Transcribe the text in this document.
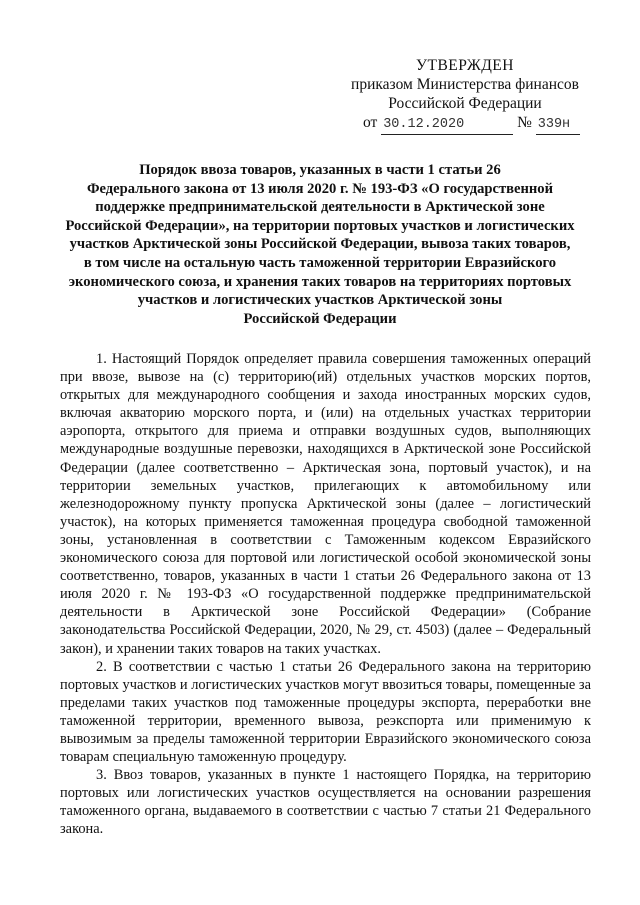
УТВЕРЖДЕН
приказом Министерства финансов
Российской Федерации
от 30.12.2020	№ 339н
Порядок ввоза товаров, указанных в части 1 статьи 26
Федерального закона от 13 июля 2020 г. № 193-ФЗ «О государственной
поддержке предпринимательской деятельности в Арктической зоне
Российской Федерации», на территории портовых участков и логистических
участков Арктической зоны Российской Федерации, вывоза таких товаров,
в том числе на остальную часть таможенной территории Евразийского
экономического союза, и хранения таких товаров на территориях портовых
участков и логистических участков Арктической зоны
Российской Федерации

1. Настоящий Порядок определяет правила совершения таможенных операций при ввозе, вывозе на (с) территорию(ий) отдельных участков морских портов, открытых для международного сообщения и захода иностранных морских судов, включая акваторию морского порта, и (или) на отдельных участках территории аэропорта, открытого для приема и отправки воздушных судов, выполняющих международные воздушные перевозки, находящихся в Арктической зоне Российской Федерации (далее соответственно – Арктическая зона, портовый участок), и на территории земельных участков, прилегающих к автомобильному или железнодорожному пункту пропуска Арктической зоны (далее – логистический участок), на которых применяется таможенная процедура свободной таможенной зоны, установленная в соответствии с Таможенным кодексом Евразийского экономического союза для портовой или логистической особой экономической зоны соответственно, товаров, указанных в части 1 статьи 26 Федерального закона от 13 июля 2020 г. № 193-ФЗ «О государственной поддержке предпринимательской деятельности в Арктической зоне Российской Федерации» (Собрание законодательства Российской Федерации, 2020, № 29, ст. 4503) (далее – Федеральный закон), и хранении таких товаров на таких участках.

2. В соответствии с частью 1 статьи 26 Федерального закона на территорию портовых участков и логистических участков могут ввозиться товары, помещенные за пределами таких участков под таможенные процедуры экспорта, переработки вне таможенной территории, временного вывоза, реэкспорта или применимую к вывозимым за пределы таможенной территории Евразийского экономического союза товарам специальную таможенную процедуру.

3. Ввоз товаров, указанных в пункте 1 настоящего Порядка, на территорию портовых или логистических участков осуществляется на основании разрешения таможенного органа, выдаваемого в соответствии с частью 7 статьи 21 Федерального закона.
